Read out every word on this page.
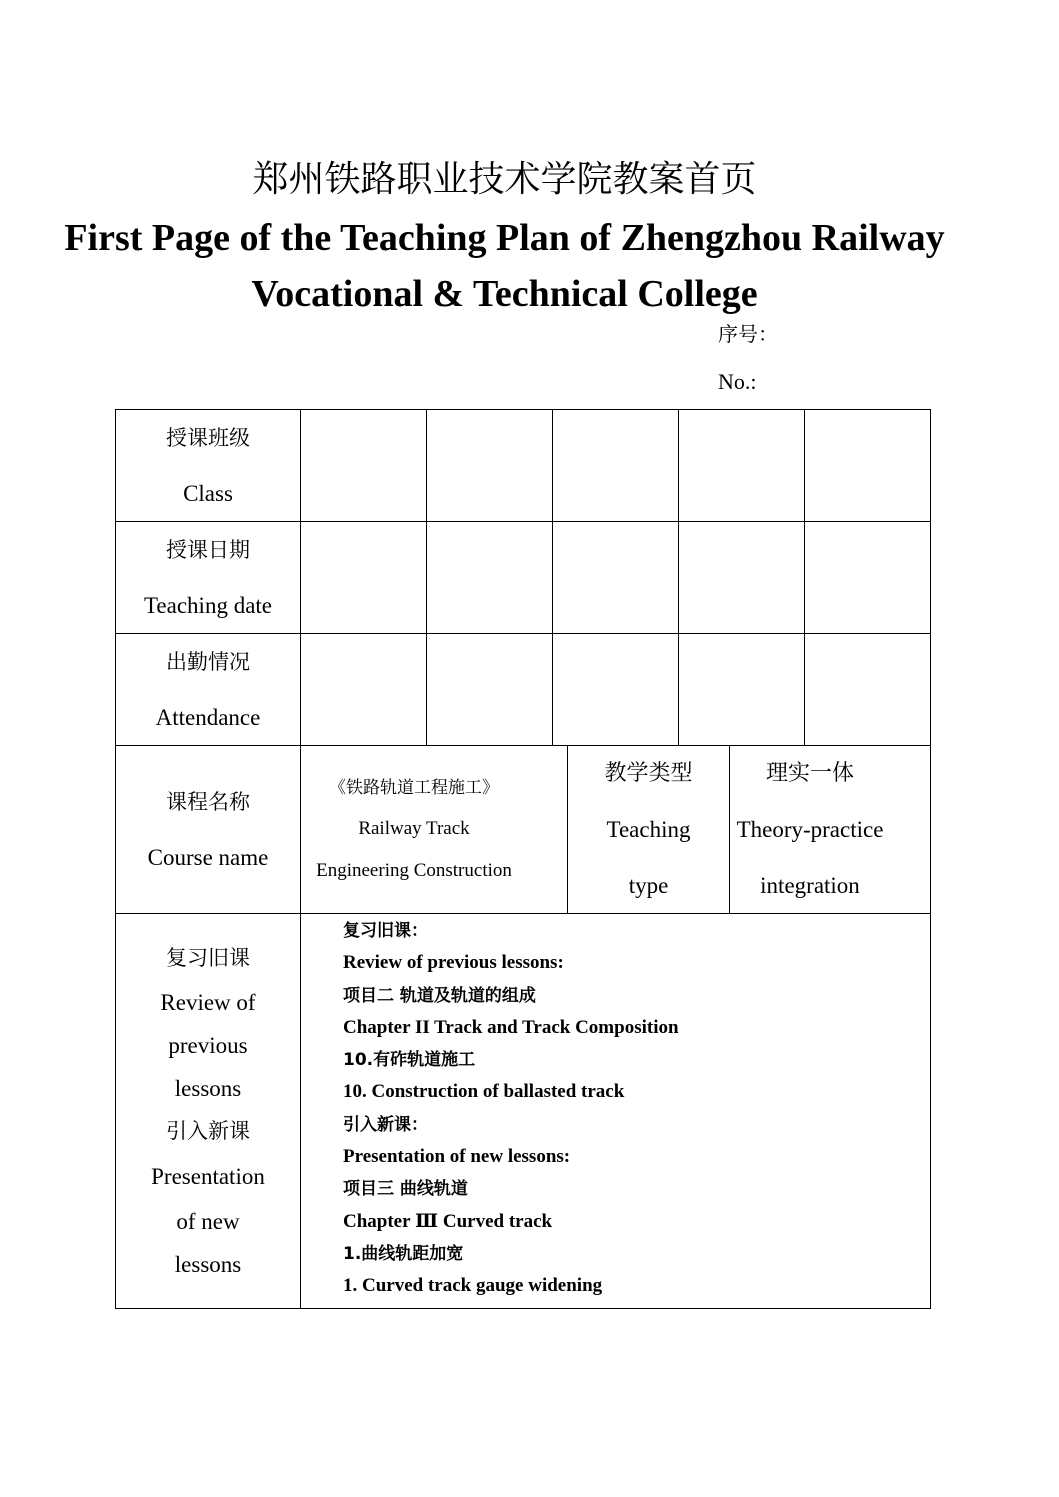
郑州铁路职业技术学院教案首页
First Page of the Teaching Plan of Zhengzhou Railway Vocational & Technical College
序号：
No.:
授课班级
Class
授课日期
Teaching date
出勤情况
Attendance
课程名称
Course name
《铁路轨道工程施工》
Railway Track
Engineering Construction
教学类型
Teaching
type
理实一体
Theory-practice
integration
复习旧课
Review of
previous
lessons
引入新课
Presentation
of new
lessons
复习旧课：
Review of previous lessons:
项目二 轨道及轨道的组成
Chapter II Track and Track Composition
10.有砟轨道施工
10. Construction of ballasted track
引入新课：
Presentation of new lessons:
项目三 曲线轨道
Chapter Ⅲ Curved track
1.曲线轨距加宽
1. Curved track gauge widening
